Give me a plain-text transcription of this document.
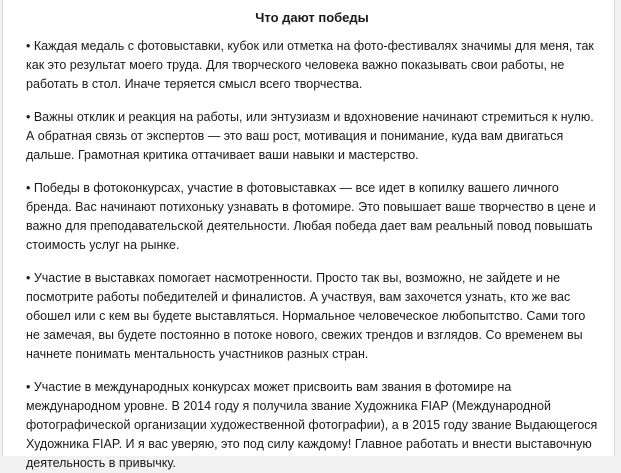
Что дают победы
• Каждая медаль с фотовыставки, кубок или отметка на фото-фестивалях значимы для меня, так как это результат моего труда. Для творческого человека важно показывать свои работы, не работать в стол. Иначе теряется смысл всего творчества.
• Важны отклик и реакция на работы, или энтузиазм и вдохновение начинают стремиться к нулю. А обратная связь от экспертов — это ваш рост, мотивация и понимание, куда вам двигаться дальше. Грамотная критика оттачивает ваши навыки и мастерство.
• Победы в фотоконкурсах, участие в фотовыставках — все идет в копилку вашего личного бренда. Вас начинают потихоньку узнавать в фотомире. Это повышает ваше творчество в цене и важно для преподавательской деятельности. Любая победа дает вам реальный повод повышать стоимость услуг на рынке.
• Участие в выставках помогает насмотренности. Просто так вы, возможно, не зайдете и не посмотрите работы победителей и финалистов. А участвуя, вам захочется узнать, кто же вас обошел или с кем вы будете выставляться. Нормальное человеческое любопытство. Сами того не замечая, вы будете постоянно в потоке нового, свежих трендов и взглядов. Со временем вы начнете понимать ментальность участников разных стран.
• Участие в международных конкурсах может присвоить вам звания в фотомире на международном уровне. В 2014 году я получила звание Художника FIAP (Международной фотографической организации художественной фотографии), а в 2015 году звание Выдающегося Художника FIAP. И я вас уверяю, это под силу каждому! Главное работать и внести выставочную деятельность в привычку.
